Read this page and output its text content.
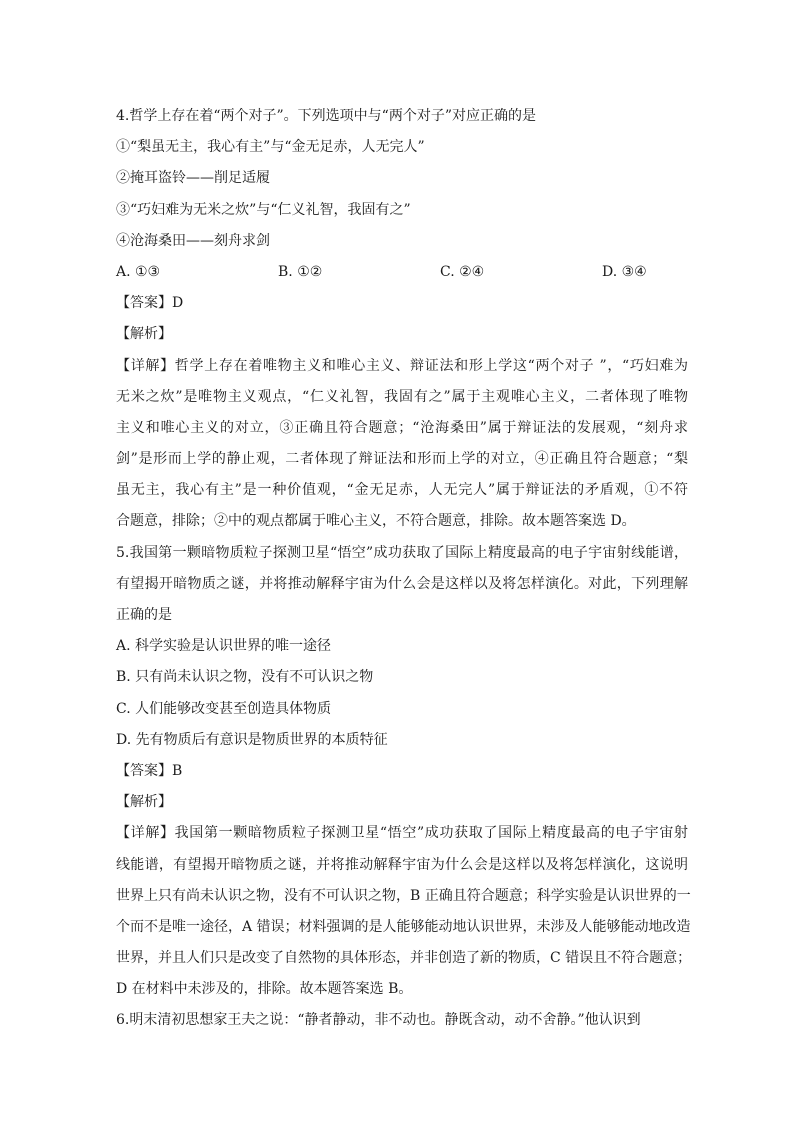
4.哲学上存在着“两个对子”。下列选项中与“两个对子”对应正确的是
①“梨虽无主，我心有主”与“金无足赤，人无完人”
②掩耳盗铃——削足适履
③“巧妇难为无米之炊”与“仁义礼智，我固有之”
④沧海桑田——刻舟求剑
A. ①③	B. ①②	C. ②④	D. ③④
【答案】D
【解析】
【详解】哲学上存在着唯物主义和唯心主义、辩证法和形上学这“两个对子 ”，“巧妇难为
无米之炊”是唯物主义观点，“仁义礼智，我固有之”属于主观唯心主义，二者体现了唯物
主义和唯心主义的对立，③正确且符合题意；“沧海桑田”属于辩证法的发展观，“刻舟求
剑”是形而上学的静止观，二者体现了辩证法和形而上学的对立，④正确且符合题意；“梨
虽无主，我心有主”是一种价值观，“金无足赤，人无完人”属于辩证法的矛盾观，①不符
合题意，排除；②中的观点都属于唯心主义，不符合题意，排除。故本题答案选 D。
5.我国第一颗暗物质粒子探测卫星“悟空”成功获取了国际上精度最高的电子宇宙射线能谱，
有望揭开暗物质之谜，并将推动解释宇宙为什么会是这样以及将怎样演化。对此，下列理解
正确的是
A. 科学实验是认识世界的唯一途径
B. 只有尚未认识之物，没有不可认识之物
C. 人们能够改变甚至创造具体物质
D. 先有物质后有意识是物质世界的本质特征
【答案】B
【解析】
【详解】我国第一颗暗物质粒子探测卫星“悟空”成功获取了国际上精度最高的电子宇宙射
线能谱，有望揭开暗物质之谜，并将推动解释宇宙为什么会是这样以及将怎样演化，这说明
世界上只有尚未认识之物，没有不可认识之物，B 正确且符合题意；科学实验是认识世界的一
个而不是唯一途径，A 错误；材料强调的是人能够能动地认识世界，未涉及人能够能动地改造
世界，并且人们只是改变了自然物的具体形态，并非创造了新的物质，C 错误且不符合题意；
D 在材料中未涉及的，排除。故本题答案选 B。
6.明末清初思想家王夫之说：“静者静动，非不动也。静既含动，动不舍静。”他认识到
